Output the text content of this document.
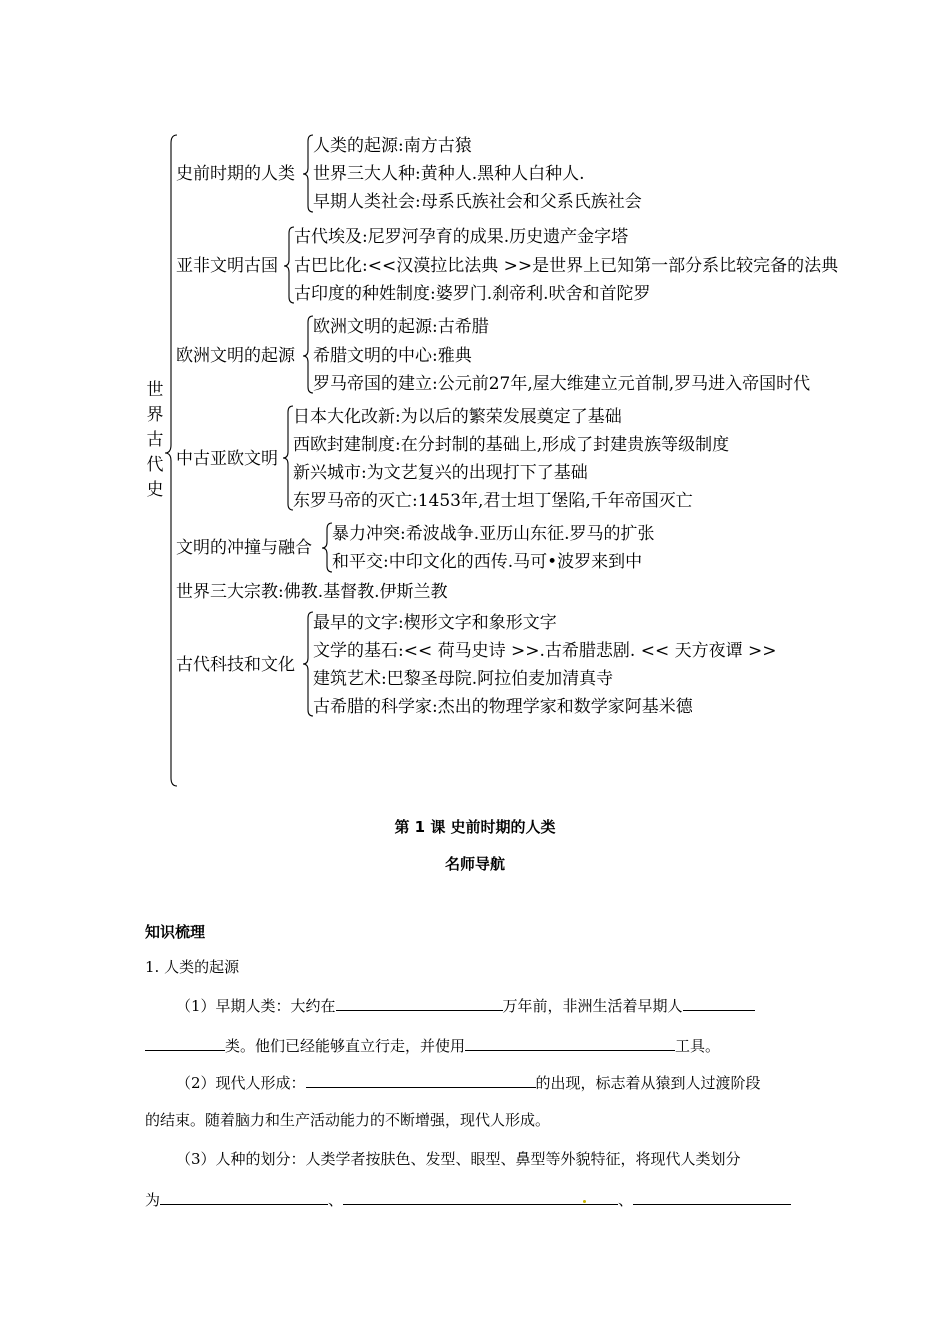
世界古代史
史前时期的人类
人类的起源:南方古猿
世界三大人种:黄种人.黑种人白种人.
早期人类社会:母系氏族社会和父系氏族社会
亚非文明古国
古代埃及:尼罗河孕育的成果.历史遗产金字塔
古巴比化:<<汉漠拉比法典 >>是世界上已知第一部分系比较完备的法典
古印度的种姓制度:婆罗门.刹帝利.吠舍和首陀罗
欧洲文明的起源
欧洲文明的起源:古希腊
希腊文明的中心:雅典
罗马帝国的建立:公元前27年,屋大维建立元首制,罗马进入帝国时代
中古亚欧文明
日本大化改新:为以后的繁荣发展奠定了基础
西欧封建制度:在分封制的基础上,形成了封建贵族等级制度
新兴城市:为文艺复兴的出现打下了基础
东罗马帝的灭亡:1453年,君士坦丁堡陷,千年帝国灭亡
文明的冲撞与融合
暴力冲突:希波战争.亚历山东征.罗马的扩张
和平交:中印文化的西传.马可•波罗来到中
世界三大宗教:佛教.基督教.伊斯兰教
古代科技和文化
最早的文字:楔形文字和象形文字
文学的基石:<< 荷马史诗 >>.古希腊悲剧. << 天方夜谭 >>
建筑艺术:巴黎圣母院.阿拉伯麦加清真寺
古希腊的科学家:杰出的物理学家和数学家阿基米德
第 1 课 史前时期的人类
名师导航
知识梳理
1. 人类的起源
（1）早期人类：大约在	万年前，非洲生活着早期人
类。他们已经能够直立行走，并使用	工具。
（2）现代人形成：	的出现，标志着从猿到人过渡阶段
的结束。随着脑力和生产活动能力的不断增强，现代人形成。
（3）人种的划分：人类学者按肤色、发型、眼型、鼻型等外貌特征，将现代人类划分
为	、	、
